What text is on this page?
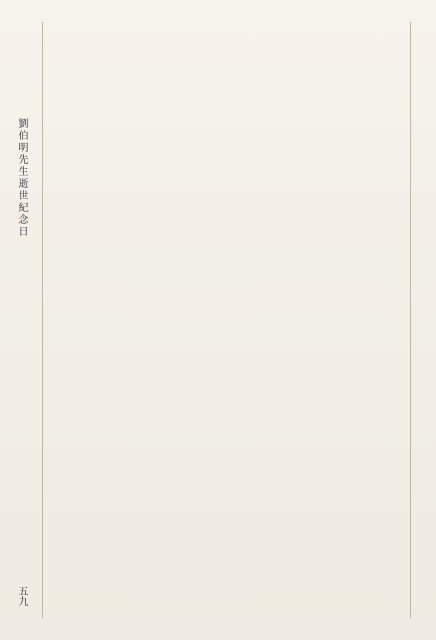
劉伯明先生逝世紀念日
五九
